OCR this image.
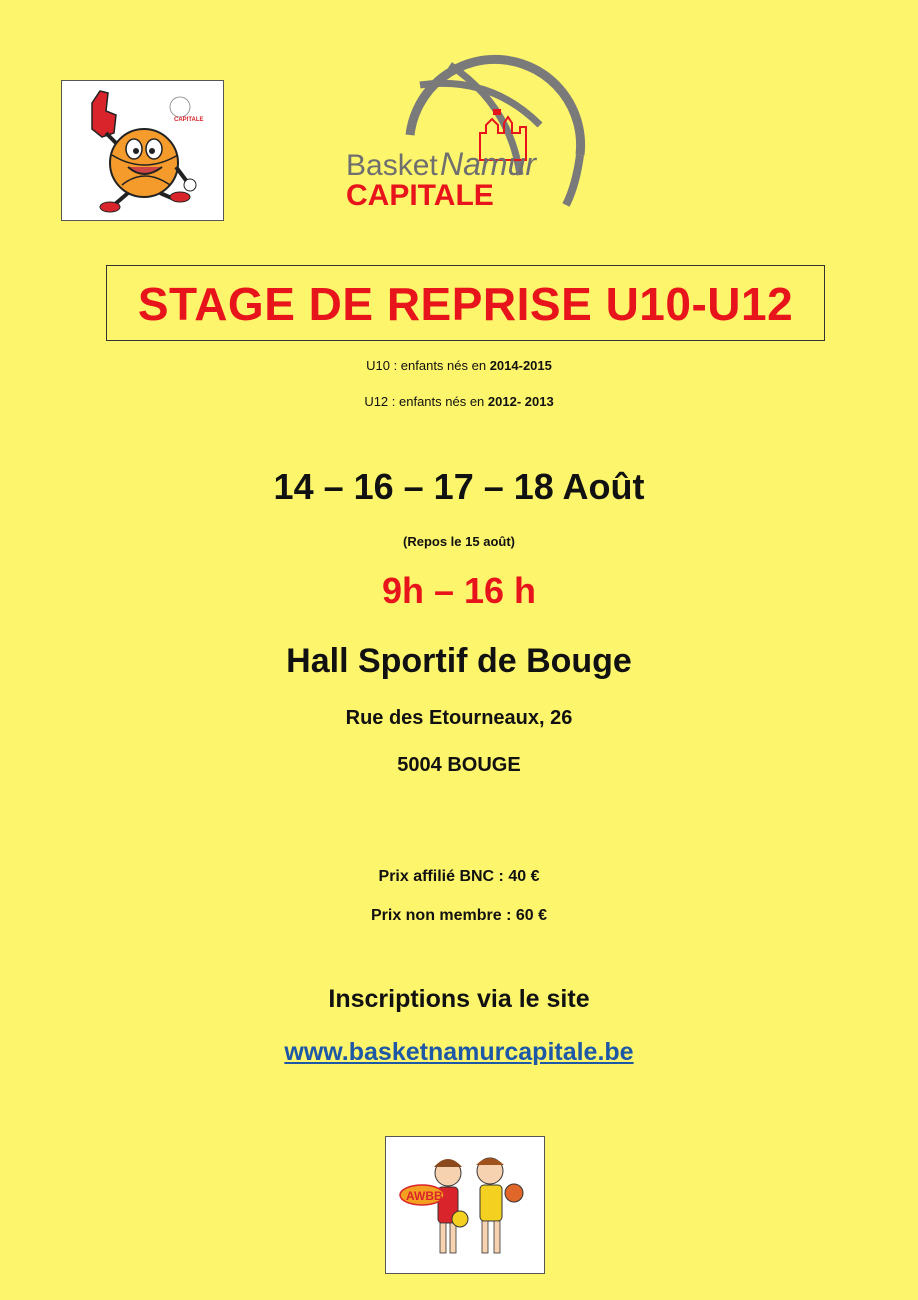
CAPITALE
Basket Namur
CAPITALE
STAGE DE REPRISE U10-U12
U10 : enfants nés en 2014-2015
U12 : enfants nés en 2012- 2013
14 – 16 – 17 – 18 Août
(Repos le 15 août)
9h – 16 h
Hall Sportif de Bouge
Rue des Etourneaux, 26
5004 BOUGE
Prix affilié BNC : 40 €
Prix non membre : 60 €
Inscriptions via le site
www.basketnamurcapitale.be
AWBB
